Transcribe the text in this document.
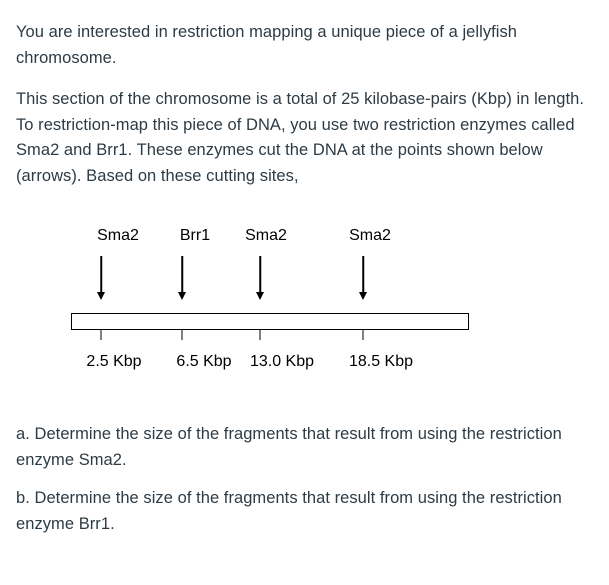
You are interested in restriction mapping a unique piece of a jellyfish chromosome.

This section of the chromosome is a total of 25 kilobase-pairs (Kbp) in length. To restriction-map this piece of DNA, you use two restriction enzymes called Sma2 and Brr1. These enzymes cut the DNA at the points shown below (arrows). Based on these cutting sites,

Sma2	Brr1 Sma2	Sma2
2.5 Kbp 6.5 Kbp 13.0 Kbp 18.5 Kbp

a. Determine the size of the fragments that result from using the restriction enzyme Sma2.

b. Determine the size of the fragments that result from using the restriction enzyme Brr1.
